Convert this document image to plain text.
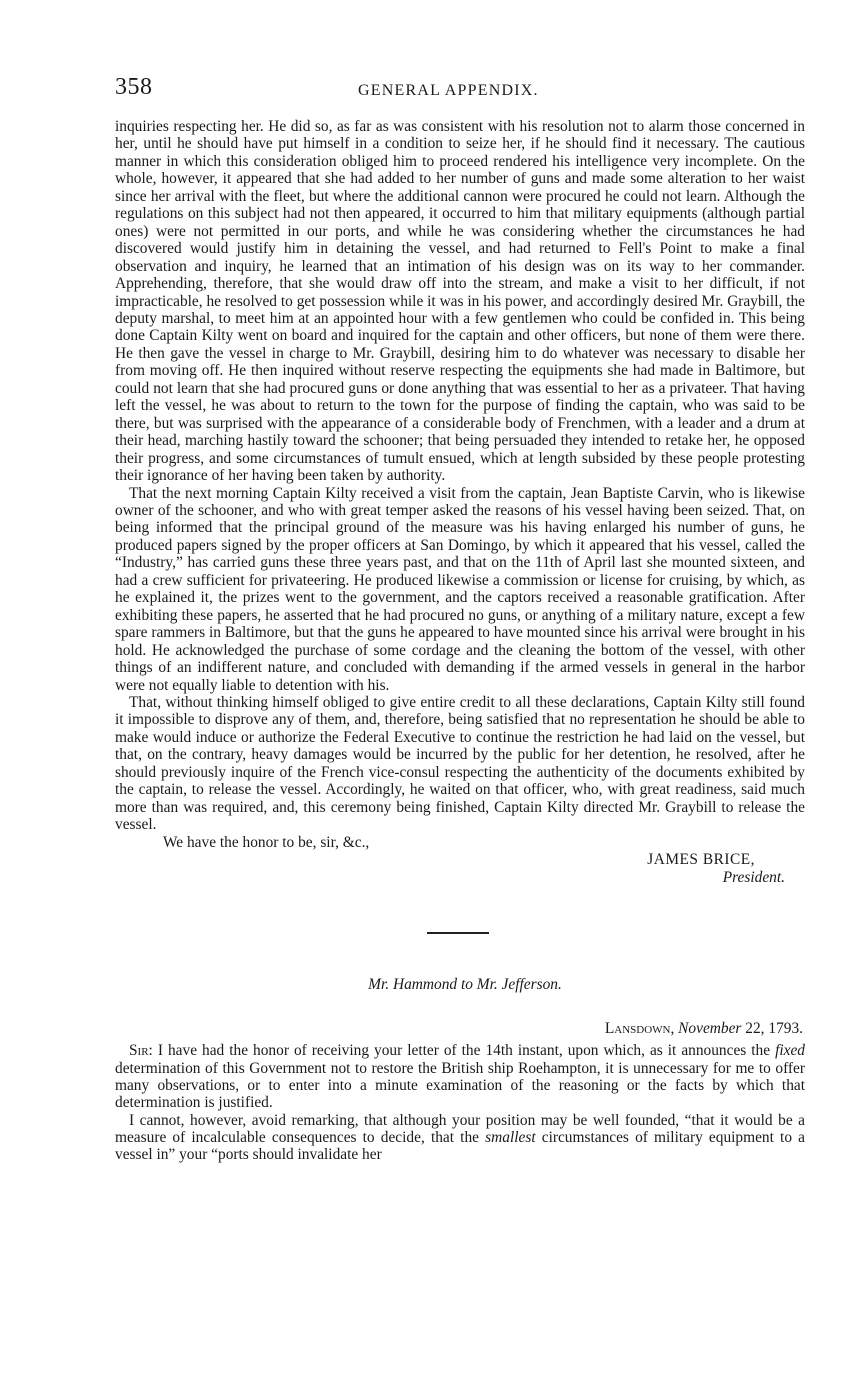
358	GENERAL APPENDIX.

inquiries respecting her. He did so, as far as was consistent with his resolution not to alarm those concerned in her, until he should have put himself in a condition to seize her, if he should find it necessary. The cautious manner in which this consideration obliged him to proceed rendered his intelligence very incomplete. On the whole, however, it appeared that she had added to her number of guns and made some alteration to her waist since her arrival with the fleet, but where the additional cannon were procured he could not learn. Although the regulations on this subject had not then appeared, it occurred to him that military equipments (although partial ones) were not permitted in our ports, and while he was considering whether the circumstances he had discovered would justify him in detaining the vessel, and had returned to Fell's Point to make a final observation and inquiry, he learned that an intimation of his design was on its way to her commander. Apprehending, therefore, that she would draw off into the stream, and make a visit to her difficult, if not impracticable, he resolved to get possession while it was in his power, and accordingly desired Mr. Graybill, the deputy marshal, to meet him at an appointed hour with a few gentlemen who could be confided in. This being done Captain Kilty went on board and inquired for the captain and other officers, but none of them were there. He then gave the vessel in charge to Mr. Graybill, desiring him to do whatever was necessary to disable her from moving off. He then inquired without reserve respecting the equipments she had made in Baltimore, but could not learn that she had procured guns or done anything that was essential to her as a privateer. That having left the vessel, he was about to return to the town for the purpose of finding the captain, who was said to be there, but was surprised with the appearance of a considerable body of Frenchmen, with a leader and a drum at their head, marching hastily toward the schooner; that being persuaded they intended to retake her, he opposed their progress, and some circumstances of tumult ensued, which at length subsided by these people protesting their ignorance of her having been taken by authority.

That the next morning Captain Kilty received a visit from the captain, Jean Baptiste Carvin, who is likewise owner of the schooner, and who with great temper asked the reasons of his vessel having been seized. That, on being informed that the principal ground of the measure was his having enlarged his number of guns, he produced papers signed by the proper officers at San Domingo, by which it appeared that his vessel, called the “Industry,” has carried guns these three years past, and that on the 11th of April last she mounted sixteen, and had a crew sufficient for privateering. He produced likewise a commission or license for cruising, by which, as he explained it, the prizes went to the government, and the captors received a reasonable gratification. After exhibiting these papers, he asserted that he had procured no guns, or anything of a military nature, except a few spare rammers in Baltimore, but that the guns he appeared to have mounted since his arrival were brought in his hold. He acknowledged the purchase of some cordage and the cleaning the bottom of the vessel, with other things of an indifferent nature, and concluded with demanding if the armed vessels in general in the harbor were not equally liable to detention with his.

That, without thinking himself obliged to give entire credit to all these declarations, Captain Kilty still found it impossible to disprove any of them, and, therefore, being satisfied that no representation he should be able to make would induce or authorize the Federal Executive to continue the restriction he had laid on the vessel, but that, on the contrary, heavy damages would be incurred by the public for her detention, he resolved, after he should previously inquire of the French vice-consul respecting the authenticity of the documents exhibited by the captain, to release the vessel. Accordingly, he waited on that officer, who, with great readiness, said much more than was required, and, this ceremony being finished, Captain Kilty directed Mr. Graybill to release the vessel.

We have the honor to be, sir, &c.,

JAMES BRICE,
President.
Mr. Hammond to Mr. Jefferson.
Lansdown, November 22, 1793.

Sir: I have had the honor of receiving your letter of the 14th instant, upon which, as it announces the fixed determination of this Government not to restore the British ship Roehampton, it is unnecessary for me to offer many observations, or to enter into a minute examination of the reasoning or the facts by which that determination is justified.

I cannot, however, avoid remarking, that although your position may be well founded, “that it would be a measure of incalculable consequences to decide, that the smallest circumstances of military equipment to a vessel in” your “ports should invalidate her
